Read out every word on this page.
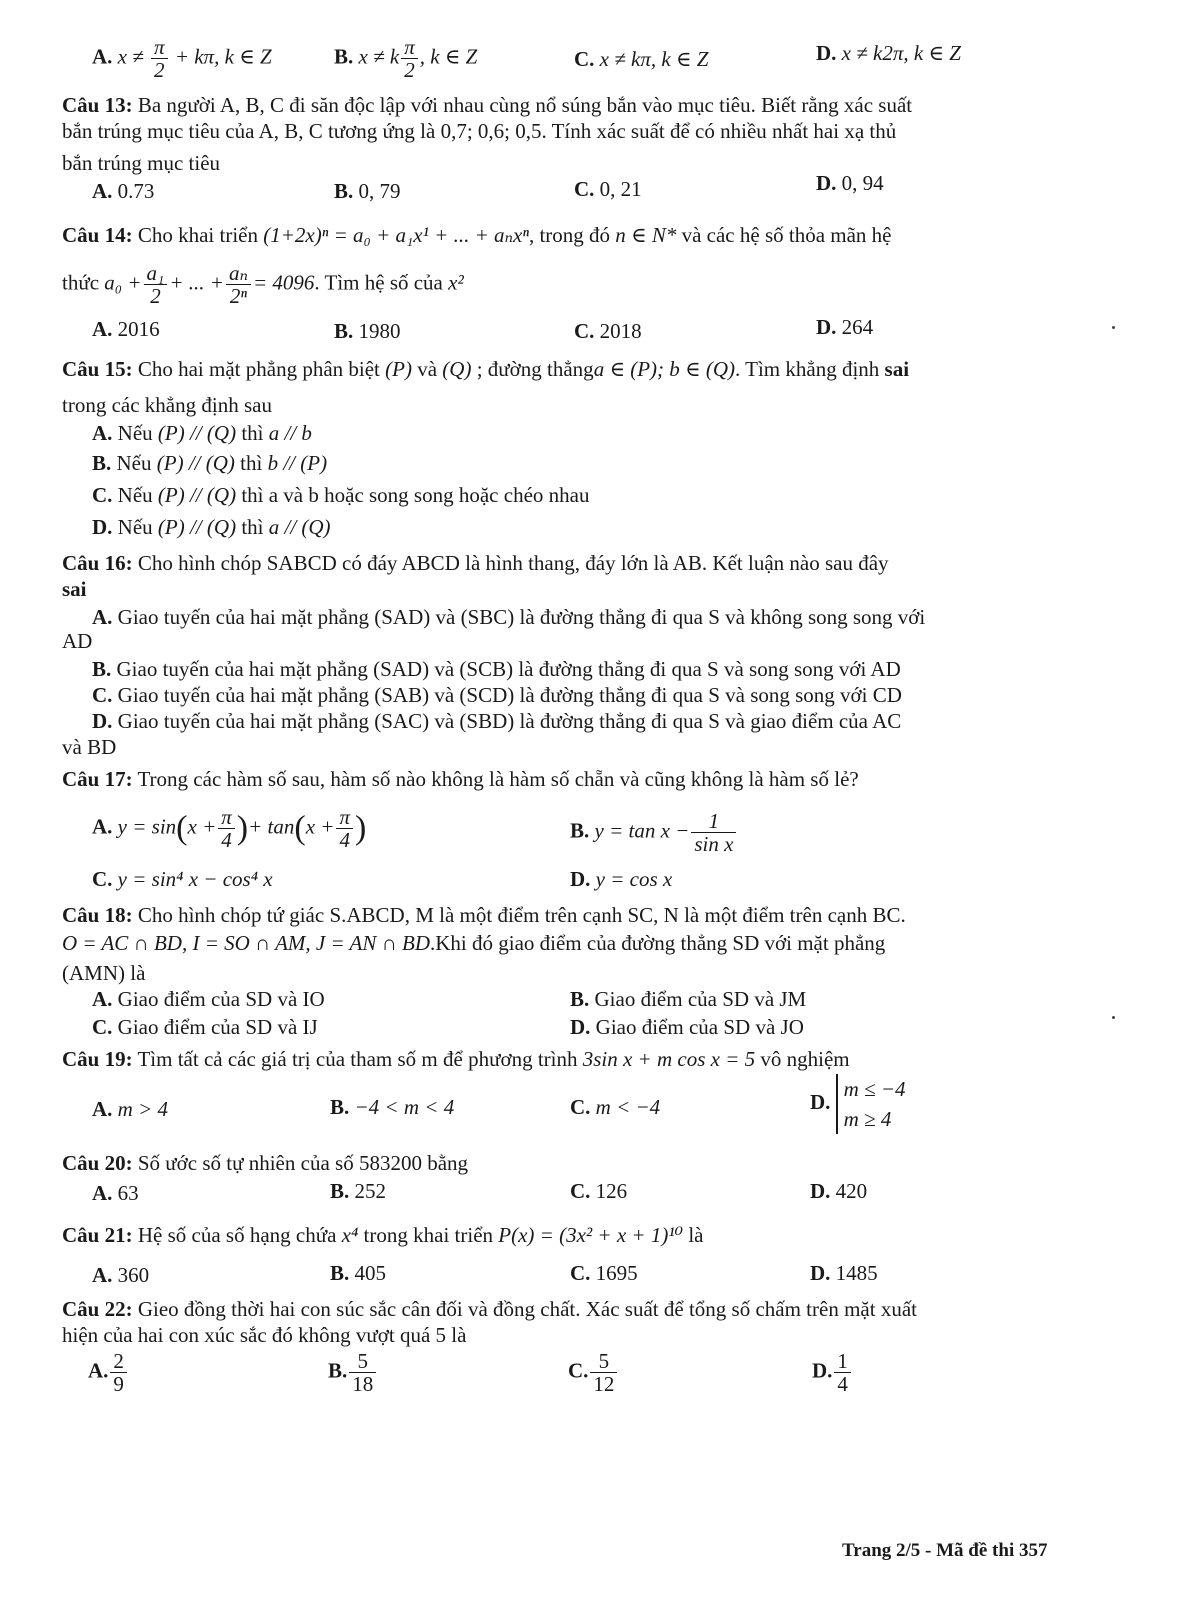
A. $x \ne \frac{\pi}{2} + k\pi$, k ∈ Z	B. x ≠ k $\frac{\pi}{2}$ , k ∈ Z	C. x ≠ kπ, k ∈ Z	D. x ≠ k2π, k ∈ Z
Câu 13: Ba người A, B, C đi săn độc lập với nhau cùng nổ súng bắn vào mục tiêu. Biết rằng xác suất
bắn trúng mục tiêu của A, B, C tương ứng là 0,7; 0,6; 0,5. Tính xác suất để có nhiều nhất hai xạ thủ
bắn trúng mục tiêu
A. 0.73	B. 0, 79	C. 0, 21	D. 0, 94
Câu 14: Cho khai triển (1+2x)ⁿ = a₀ + a₁x¹ + ... + aₙxⁿ, trong đó n ∈ N* và các hệ số thỏa mãn hệ
thức $a_0 + \frac{\text{a₁}}{2}$ + ... + $\frac{\text{aₙ}}{\text{2ⁿ}} = 4096$. Tìm hệ số của x²
A. 2016	B. 1980	C. 2018	D. 264
Câu 15: Cho hai mặt phẳng phân biệt (P) và (Q) ; đường thẳnga ∈ (P); b ∈ (Q). Tìm khẳng định sai
trong các khẳng định sau
A. Nếu (P) // (Q) thì a // b
B. Nếu (P) // (Q) thì b // (P)
C. Nếu (P) // (Q) thì a và b hoặc song song hoặc chéo nhau
D. Nếu (P) // (Q) thì a // (Q)
Câu 16: Cho hình chóp SABCD có đáy ABCD là hình thang, đáy lớn là AB. Kết luận nào sau đây
sai
A. Giao tuyến của hai mặt phẳng (SAD) và (SBC) là đường thẳng đi qua S và không song song với
AD
B. Giao tuyến của hai mặt phẳng (SAD) và (SCB) là đường thẳng đi qua S và song song với AD
C. Giao tuyến của hai mặt phẳng (SAB) và (SCD) là đường thẳng đi qua S và song song với CD
D. Giao tuyến của hai mặt phẳng (SAC) và (SBD) là đường thẳng đi qua S và giao điểm của AC
và BD
Câu 17: Trong các hàm số sau, hàm số nào không là hàm số chẵn và cũng không là hàm số lẻ?
A. $y = \sin(x + \frac{\pi}{4}$ )+ $\tan(x + \frac{\pi}{4}$ )	B. $y = \tan x - \frac{1}{\text{sin x}}$
C. y = sin⁴ x − cos⁴ x	D. y = cos x
Câu 18: Cho hình chóp tứ giác S.ABCD, M là một điểm trên cạnh SC, N là một điểm trên cạnh BC.
O = AC ∩ BD, I = SO ∩ AM, J = AN ∩ BD.Khi đó giao điểm của đường thẳng SD với mặt phẳng
(AMN) là
A. Giao điểm của SD và IO	B. Giao điểm của SD và JM
C. Giao điểm của SD và IJ	D. Giao điểm của SD và JO
Câu 19: Tìm tất cả các giá trị của tham số m để phương trình 3sin x + m cos x = 5 vô nghiệm
A. m > 4	B. −4 < m < 4	C. m < −4	D.
m ≤ −4
m ≥ 4
Câu 20: Số ước số tự nhiên của số 583200 bằng
A. 63	B. 252	C. 126	D. 420
Câu 21: Hệ số của số hạng chứa x⁴ trong khai triển P(x) = (3x² + x + 1)¹⁰ là
A. 360	B. 405	C. 1695	D. 1485
Câu 22: Gieo đồng thời hai con súc sắc cân đối và đồng chất. Xác suất để tổng số chấm trên mặt xuất
hiện của hai con xúc sắc đó không vượt quá 5 là
A. $\frac{2}{9}$	B. $\frac{5}{18}$	C. $\frac{5}{12}$	D. $\frac{1}{4}$
Trang 2/5 - Mã đề thi 357
